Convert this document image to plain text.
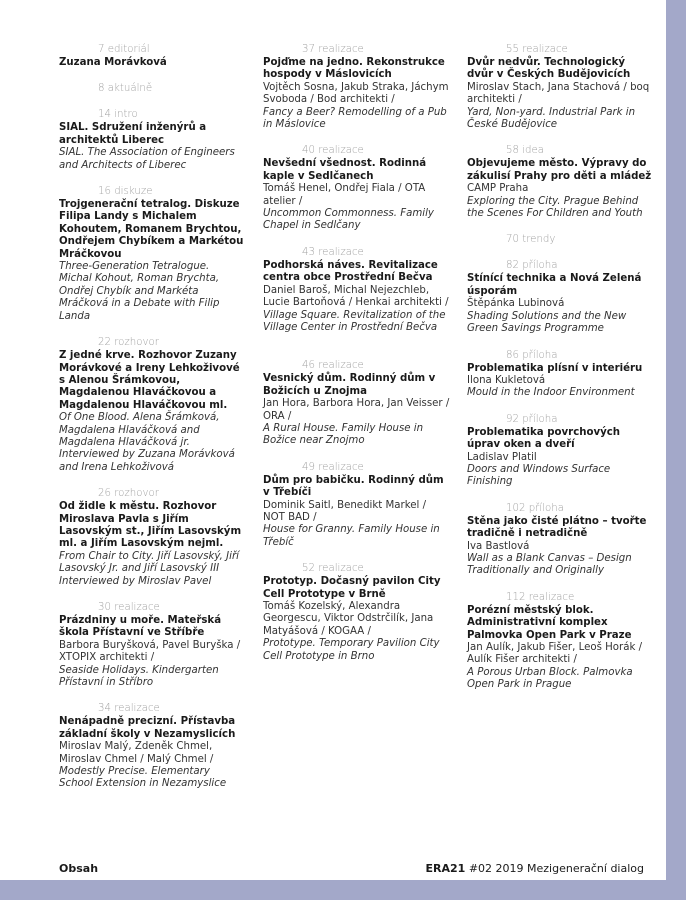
7 editoriál
Zuzana Morávková
8 aktuálně
14 intro
SIAL. Sdružení inženýrů a architektů Liberec
SIAL. The Association of Engineers and Architects of Liberec
16 diskuze
Trojgenerační tetralog. Diskuze Filipa Landy s Michalem Kohoutem, Romanem Brychtou, Ondřejem Chybíkem a Markétou Mráčkovou
Three-Generation Tetralogue. Michal Kohout, Roman Brychta, Ondřej Chybík and Markéta Mráčková in a Debate with Filip Landa
22 rozhovor
Z jedné krve. Rozhovor Zuzany Morávkové a Ireny Lehkoživové s Alenou Šrámkovou, Magdalenou Hlaváčkovou a Magdalenou Hlaváčkovou ml.
Of One Blood. Alena Šrámková, Magdalena Hlaváčková and Magdalena Hlaváčková jr. Interviewed by Zuzana Morávková and Irena Lehkoživová
26 rozhovor
Od židle k městu. Rozhovor Miroslava Pavla s Jiřím Lasovským st., Jiřím Lasovským ml. a Jiřím Lasovským nejml.
From Chair to City. Jiří Lasovský, Jiří Lasovský Jr. and Jiří Lasovský III Interviewed by Miroslav Pavel
30 realizace
Prázdniny u moře. Mateřská škola Přístavní ve Stříbře
Barbora Buryšková, Pavel Buryška / XTOPIX architekti /
Seaside Holidays. Kindergarten Přístavní in Stříbro
34 realizace
Nenápadně precizní. Přístavba základní školy v Nezamyslicích
Miroslav Malý, Zdeněk Chmel, Miroslav Chmel / Malý Chmel /
Modestly Precise. Elementary School Extension in Nezamyslice
37 realizace
Pojďme na jedno. Rekonstrukce hospody v Máslovicích
Vojtěch Sosna, Jakub Straka, Jáchym Svoboda / Bod architekti /
Fancy a Beer? Remodelling of a Pub in Máslovice
40 realizace
Nevšední všednost. Rodinná kaple v Sedlčanech
Tomáš Henel, Ondřej Fiala / OTA atelier /
Uncommon Commonness. Family Chapel in Sedlčany
43 realizace
Podhorská náves. Revitalizace centra obce Prostřední Bečva
Daniel Baroš, Michal Nejezchleb, Lucie Bartoňová / Henkai architekti /
Village Square. Revitalization of the Village Center in Prostřední Bečva
46 realizace
Vesnický dům. Rodinný dům v Božicích u Znojma
Jan Hora, Barbora Hora, Jan Veisser / ORA /
A Rural House. Family House in Božice near Znojmo
49 realizace
Dům pro babičku. Rodinný dům v Třebíči
Dominik Saitl, Benedikt Markel / NOT BAD /
House for Granny. Family House in Třebíč
52 realizace
Prototyp. Dočasný pavilon City Cell Prototype v Brně
Tomáš Kozelský, Alexandra Georgescu, Viktor Odstrčilík, Jana Matyášová / KOGAA /
Prototype. Temporary Pavilion City Cell Prototype in Brno
55 realizace
Dvůr nedvůr. Technologický dvůr v Českých Budějovicích
Miroslav Stach, Jana Stachová / boq architekti /
Yard, Non-yard. Industrial Park in České Budějovice
58 idea
Objevujeme město. Výpravy do zákulisí Prahy pro děti a mládež
CAMP Praha
Exploring the City. Prague Behind the Scenes For Children and Youth
70 trendy
82 příloha
Stínící technika a Nová Zelená úsporám
Štěpánka Lubinová
Shading Solutions and the New Green Savings Programme
86 příloha
Problematika plísní v interiéru
Ilona Kukletová
Mould in the Indoor Environment
92 příloha
Problematika povrchových úprav oken a dveří
Ladislav Platil
Doors and Windows Surface Finishing
102 příloha
Stěna jako čisté plátno – tvořte tradičně i netradičně
Iva Bastlová
Wall as a Blank Canvas – Design Traditionally and Originally
112 realizace
Porézní městský blok. Administrativní komplex Palmovka Open Park v Praze
Jan Aulík, Jakub Fišer, Leoš Horák / Aulík Fišer architekti /
A Porous Urban Block. Palmovka Open Park in Prague
Obsah	ERA21 #02 2019 Mezigenerační dialog
